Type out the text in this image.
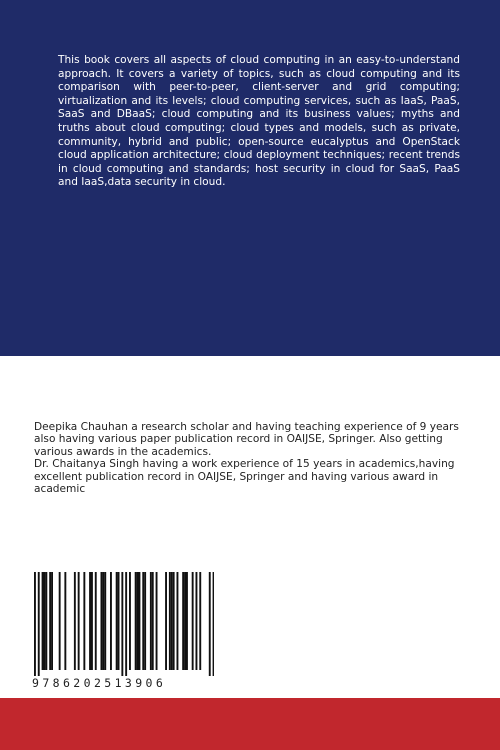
This book covers all aspects of cloud computing in an easy-to-understand approach. It covers a variety of topics, such as cloud computing and its comparison with peer-to-peer, client-server and grid computing; virtualization and its levels; cloud computing services, such as IaaS, PaaS, SaaS and DBaaS; cloud computing and its business values; myths and truths about cloud computing; cloud types and models, such as private, community, hybrid and public; open-source eucalyptus and OpenStack cloud application architecture; cloud deployment techniques; recent trends in cloud computing and standards; host security in cloud for SaaS, PaaS and IaaS,data security in cloud.

Deepika Chauhan a research scholar and having teaching experience of 9 years also having various paper publication record in OAIJSE, Springer. Also getting various awards in the academics.

Dr. Chaitanya Singh having a work experience of 15 years in academics,having excellent publication record in OAIJSE, Springer and having various award in academic

9786202513906
